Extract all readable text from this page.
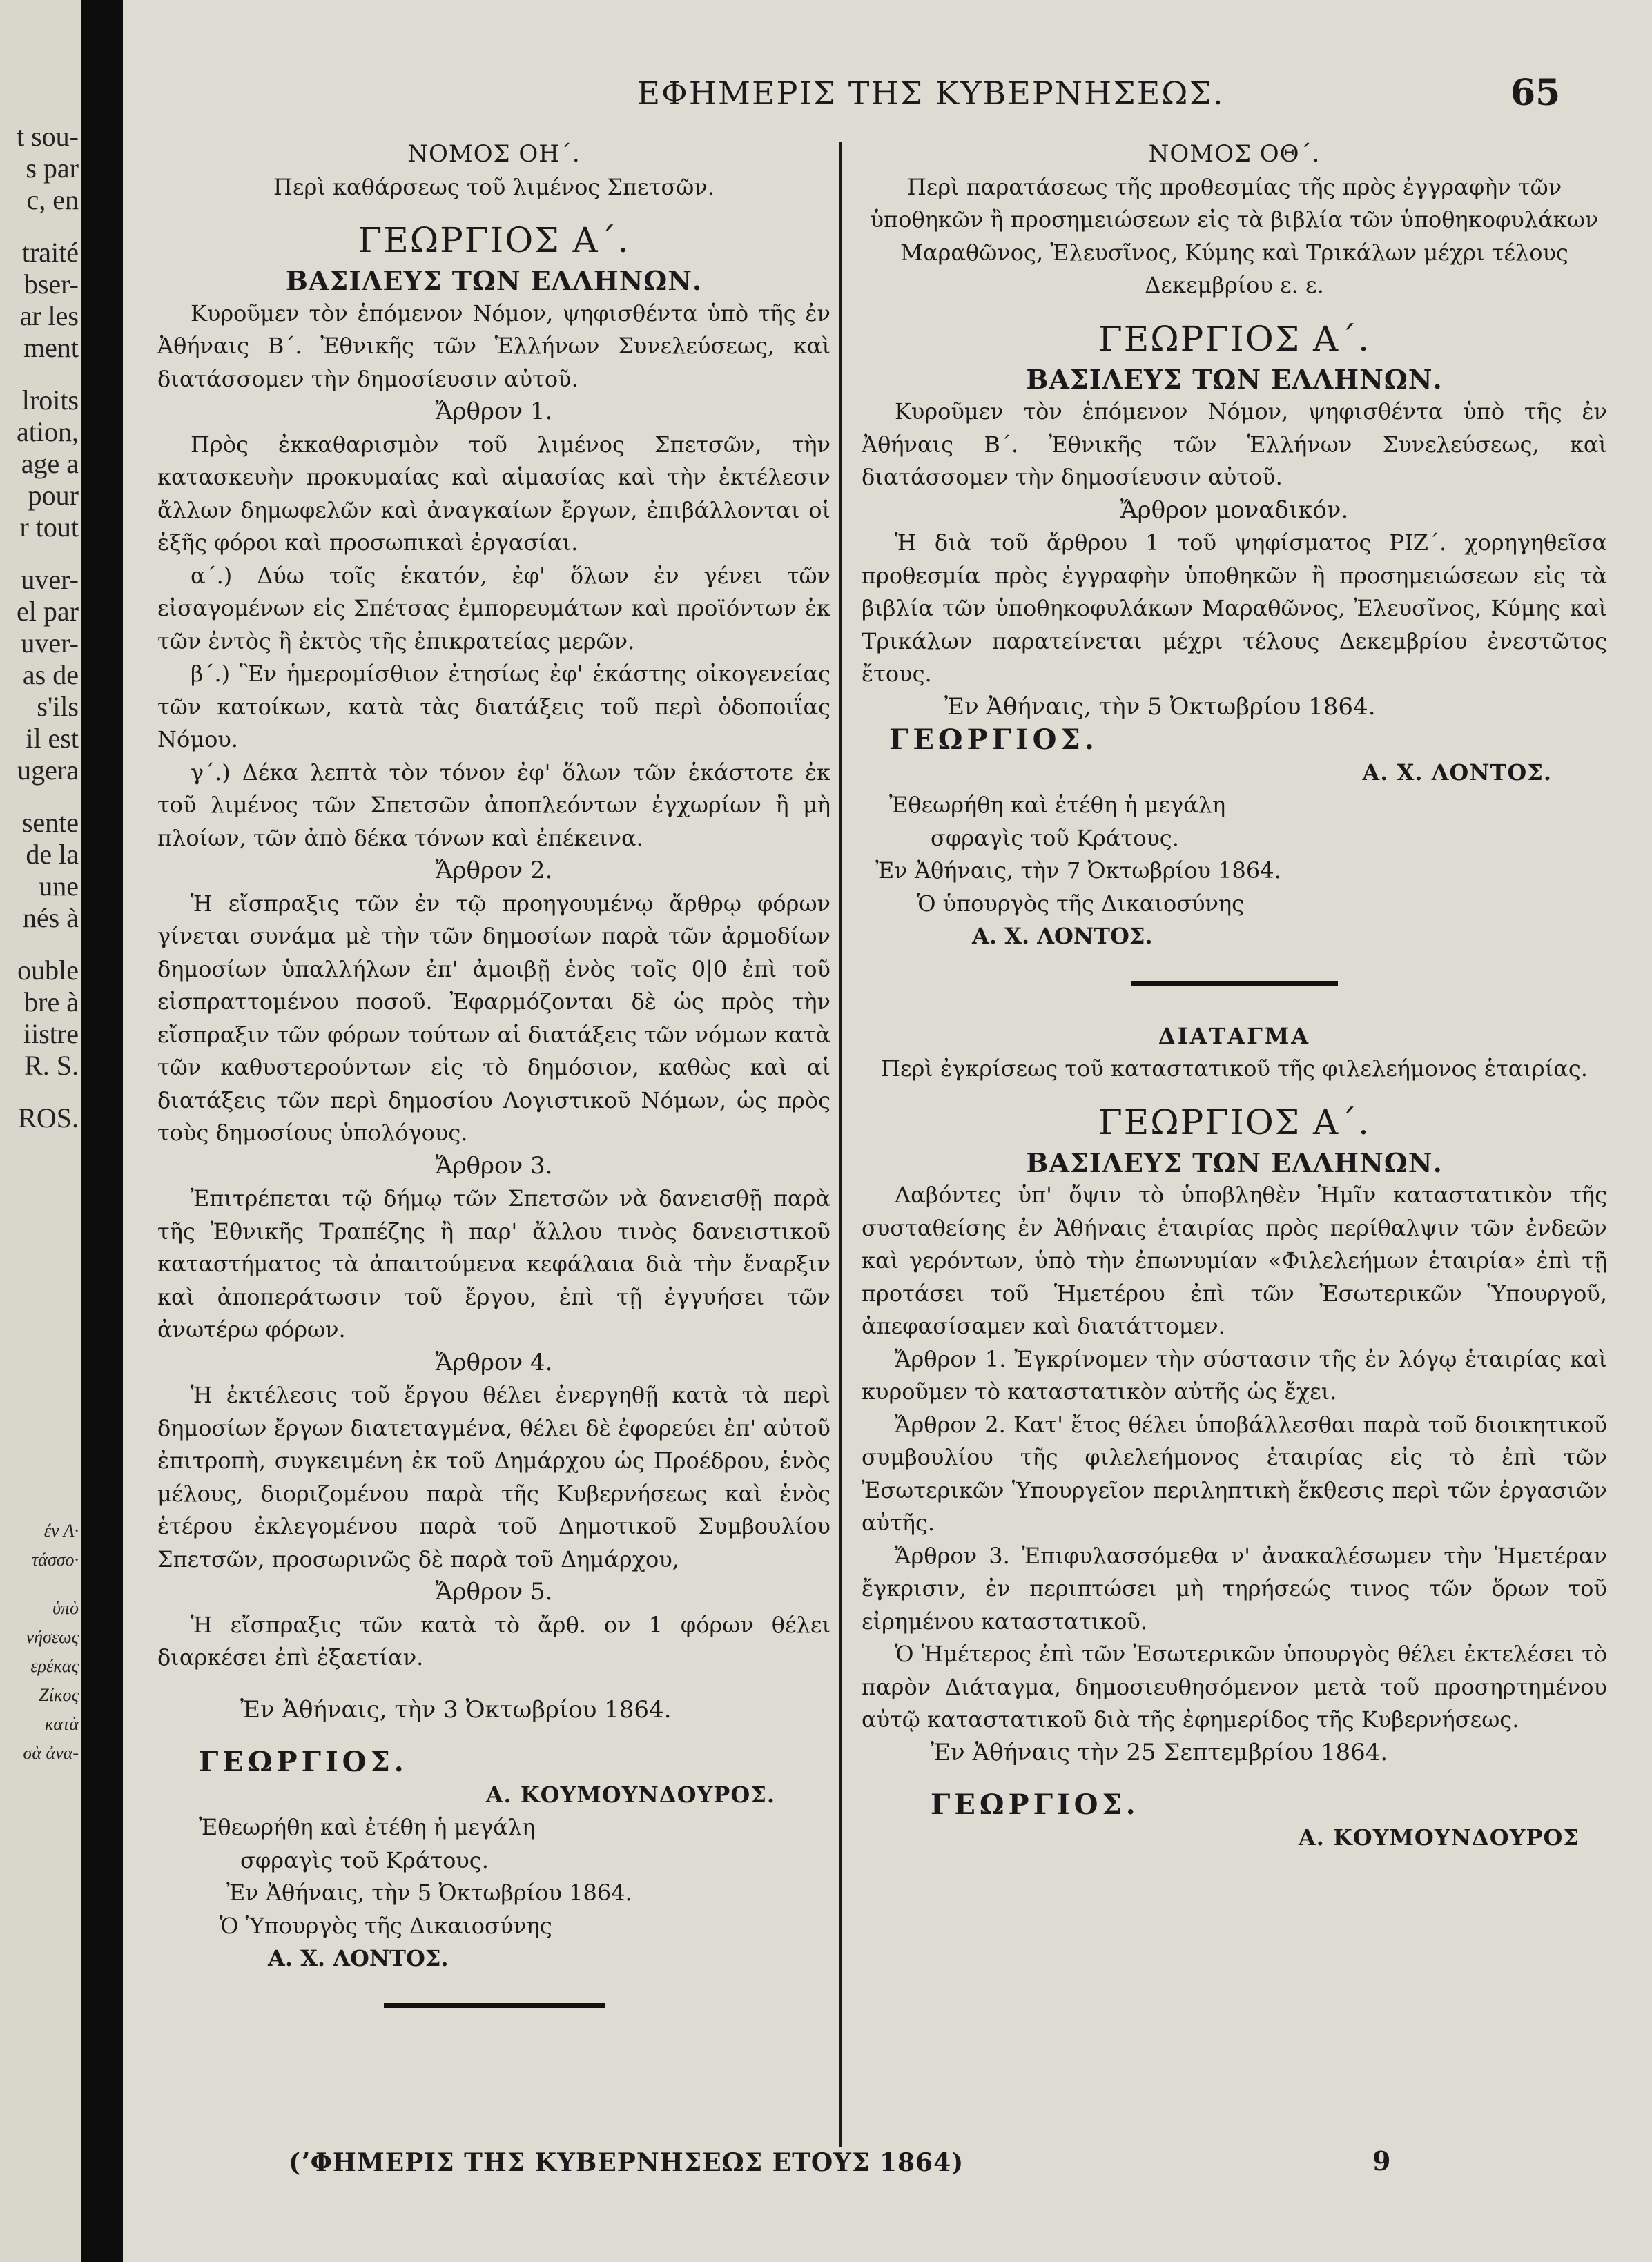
t sou-
s par
c, en
traité
bser-
ar les
ment
lroits
ation,
age a
pour
r tout
uver-
el par
uver-
as de
s'ils
il est
ugera
sente
de la
une
nés à
ouble
bre à
iistre
R. S.
ROS.
έν Α·
τάσσο·
ὑπὸ
νήσεως
ερέκας
Ζίκος
κατὰ
σὰ ἀνα-
ΕΦΗΜΕΡΙΣ ΤΗΣ ΚΥΒΕΡΝΗΣΕΩΣ.	65
ΝΟΜΟΣ ΟΗ΄.
Περὶ καθάρσεως τοῦ λιμένος Σπετσῶν.
ΓΕΩΡΓΙΟΣ Α΄.
ΒΑΣΙΛΕΥΣ ΤΩΝ ΕΛΛΗΝΩΝ.
Κυροῦμεν τὸν ἑπόμενον Νόμον, ψηφισθέντα ὑπὸ τῆς ἐν Ἀθήναις Β΄. Ἐθνικῆς τῶν Ἑλλήνων Συνελεύσεως, καὶ διατάσσομεν τὴν δημοσίευσιν αὐτοῦ.
Ἄρθρον 1.
Πρὸς ἐκκαθαρισμὸν τοῦ λιμένος Σπετσῶν, τὴν κατασκευὴν προκυμαίας καὶ αἱμασίας καὶ τὴν ἐκτέλεσιν ἄλλων δημωφελῶν καὶ ἀναγκαίων ἔργων, ἐπιβάλλονται οἱ ἑξῆς φόροι καὶ προσωπικαὶ ἐργασίαι.
α΄.) Δύω τοῖς ἑκατόν, ἐφ' ὅλων ἐν γένει τῶν εἰσαγομένων εἰς Σπέτσας ἐμπορευμάτων καὶ προϊόντων ἐκ τῶν ἐντὸς ἢ ἐκτὸς τῆς ἐπικρατείας μερῶν.
β΄.) Ἓν ἡμερομίσθιον ἐτησίως ἐφ' ἑκάστης οἰκογενείας τῶν κατοίκων, κατὰ τὰς διατάξεις τοῦ περὶ ὁδοποιΐας Νόμου.
γ΄.) Δέκα λεπτὰ τὸν τόνον ἐφ' ὅλων τῶν ἑκάστοτε ἐκ τοῦ λιμένος τῶν Σπετσῶν ἀποπλεόντων ἐγχωρίων ἢ μὴ πλοίων, τῶν ἀπὸ δέκα τόνων καὶ ἐπέκεινα.
Ἄρθρον 2.
Ἡ εἴσπραξις τῶν ἐν τῷ προηγουμένῳ ἄρθρῳ φόρων γίνεται συνάμα μὲ τὴν τῶν δημοσίων παρὰ τῶν ἁρμοδίων δημοσίων ὑπαλλήλων ἐπ' ἀμοιβῇ ἑνὸς τοῖς 0|0 ἐπὶ τοῦ εἰσπραττομένου ποσοῦ. Ἐφαρμόζονται δὲ ὡς πρὸς τὴν εἴσπραξιν τῶν φόρων τούτων αἱ διατάξεις τῶν νόμων κατὰ τῶν καθυστερούντων εἰς τὸ δημόσιον, καθὼς καὶ αἱ διατάξεις τῶν περὶ δημοσίου Λογιστικοῦ Νόμων, ὡς πρὸς τοὺς δημοσίους ὑπολόγους.
Ἄρθρον 3.
Ἐπιτρέπεται τῷ δήμῳ τῶν Σπετσῶν νὰ δανεισθῇ παρὰ τῆς Ἐθνικῆς Τραπέζης ἢ παρ' ἄλλου τινὸς δανειστικοῦ καταστήματος τὰ ἀπαιτούμενα κεφάλαια διὰ τὴν ἔναρξιν καὶ ἀποπεράτωσιν τοῦ ἔργου, ἐπὶ τῇ ἐγγυήσει τῶν ἀνωτέρω φόρων.
Ἄρθρον 4.
Ἡ ἐκτέλεσις τοῦ ἔργου θέλει ἐνεργηθῇ κατὰ τὰ περὶ δημοσίων ἔργων διατεταγμένα, θέλει δὲ ἐφορεύει ἐπ' αὐτοῦ ἐπιτροπὴ, συγκειμένη ἐκ τοῦ Δημάρχου ὡς Προέδρου, ἑνὸς μέλους, διοριζομένου παρὰ τῆς Κυβερνήσεως καὶ ἑνὸς ἑτέρου ἐκλεγομένου παρὰ τοῦ Δημοτικοῦ Συμβουλίου Σπετσῶν, προσωρινῶς δὲ παρὰ τοῦ Δημάρχου,
Ἄρθρον 5.
Ἡ εἴσπραξις τῶν κατὰ τὸ ἄρθ. ον 1 φόρων θέλει διαρκέσει ἐπὶ ἐξαετίαν.
Ἐν Ἀθήναις, τὴν 3 Ὀκτωβρίου 1864.
ΓΕΩΡΓΙΟΣ.
Α. ΚΟΥΜΟΥΝΔΟΥΡΟΣ.
Ἐθεωρήθη καὶ ἐτέθη ἡ μεγάλη
σφραγὶς τοῦ Κράτους.
Ἐν Ἀθήναις, τὴν 5 Ὀκτωβρίου 1864.
Ὁ Ὑπουργὸς τῆς Δικαιοσύνης
Α. Χ. ΛΟΝΤΟΣ.
ΝΟΜΟΣ ΟΘ΄.
Περὶ παρατάσεως τῆς προθεσμίας τῆς πρὸς ἐγγραφὴν τῶν ὑποθηκῶν ἢ προσημειώσεων εἰς τὰ βιβλία τῶν ὑποθηκοφυλάκων Μαραθῶνος, Ἐλευσῖνος, Κύμης καὶ Τρικάλων μέχρι τέλους Δεκεμβρίου ε. ε.
ΓΕΩΡΓΙΟΣ Α΄.
ΒΑΣΙΛΕΥΣ ΤΩΝ ΕΛΛΗΝΩΝ.
Κυροῦμεν τὸν ἑπόμενον Νόμον, ψηφισθέντα ὑπὸ τῆς ἐν Ἀθήναις Β΄. Ἐθνικῆς τῶν Ἑλλήνων Συνελεύσεως, καὶ διατάσσομεν τὴν δημοσίευσιν αὐτοῦ.
Ἄρθρον μοναδικόν.
Ἡ διὰ τοῦ ἄρθρου 1 τοῦ ψηφίσματος ΡΙΖ΄. χορηγηθεῖσα προθεσμία πρὸς ἐγγραφὴν ὑποθηκῶν ἢ προσημειώσεων εἰς τὰ βιβλία τῶν ὑποθηκοφυλάκων Μαραθῶνος, Ἐλευσῖνος, Κύμης καὶ Τρικάλων παρατείνεται μέχρι τέλους Δεκεμβρίου ἐνεστῶτος ἔτους.
Ἐν Ἀθήναις, τὴν 5 Ὀκτωβρίου 1864.
ΓΕΩΡΓΙΟΣ.
Α. Χ. ΛΟΝΤΟΣ.
Ἐθεωρήθη καὶ ἐτέθη ἡ μεγάλη
σφραγὶς τοῦ Κράτους.
Ἐν Ἀθήναις, τὴν 7 Ὀκτωβρίου 1864.
Ὁ ὑπουργὸς τῆς Δικαιοσύνης
Α. Χ. ΛΟΝΤΟΣ.
ΔΙΑΤΑΓΜΑ
Περὶ ἐγκρίσεως τοῦ καταστατικοῦ τῆς φιλελεήμονος ἑταιρίας.
ΓΕΩΡΓΙΟΣ Α΄.
ΒΑΣΙΛΕΥΣ ΤΩΝ ΕΛΛΗΝΩΝ.
Λαβόντες ὑπ' ὄψιν τὸ ὑποβληθὲν Ἡμῖν καταστατικὸν τῆς συσταθείσης ἐν Ἀθήναις ἑταιρίας πρὸς περίθαλψιν τῶν ἐνδεῶν καὶ γερόντων, ὑπὸ τὴν ἐπωνυμίαν «Φιλελεήμων ἑταιρία» ἐπὶ τῇ προτάσει τοῦ Ἡμετέρου ἐπὶ τῶν Ἐσωτερικῶν Ὑπουργοῦ, ἀπεφασίσαμεν καὶ διατάττομεν.
Ἄρθρον 1. Ἐγκρίνομεν τὴν σύστασιν τῆς ἐν λόγῳ ἑταιρίας καὶ κυροῦμεν τὸ καταστατικὸν αὐτῆς ὡς ἔχει.
Ἄρθρον 2. Κατ' ἔτος θέλει ὑποβάλλεσθαι παρὰ τοῦ διοικητικοῦ συμβουλίου τῆς φιλελεήμονος ἑταιρίας εἰς τὸ ἐπὶ τῶν Ἐσωτερικῶν Ὑπουργεῖον περιληπτικὴ ἔκθεσις περὶ τῶν ἐργασιῶν αὐτῆς.
Ἄρθρον 3. Ἐπιφυλασσόμεθα ν' ἀνακαλέσωμεν τὴν Ἡμετέραν ἔγκρισιν, ἐν περιπτώσει μὴ τηρήσεώς τινος τῶν ὅρων τοῦ εἰρημένου καταστατικοῦ.
Ὁ Ἡμέτερος ἐπὶ τῶν Ἐσωτερικῶν ὑπουργὸς θέλει ἐκτελέσει τὸ παρὸν Διάταγμα, δημοσιευθησόμενον μετὰ τοῦ προσηρτημένου αὐτῷ καταστατικοῦ διὰ τῆς ἐφημερίδος τῆς Κυβερνήσεως.
Ἐν Ἀθήναις τὴν 25 Σεπτεμβρίου 1864.
ΓΕΩΡΓΙΟΣ.
Α. ΚΟΥΜΟΥΝΔΟΥΡΟΣ
(ʼΦΗΜΕΡΙΣ ΤΗΣ ΚΥΒΕΡΝΗΣΕΩΣ ΕΤΟΥΣ 1864)	9
